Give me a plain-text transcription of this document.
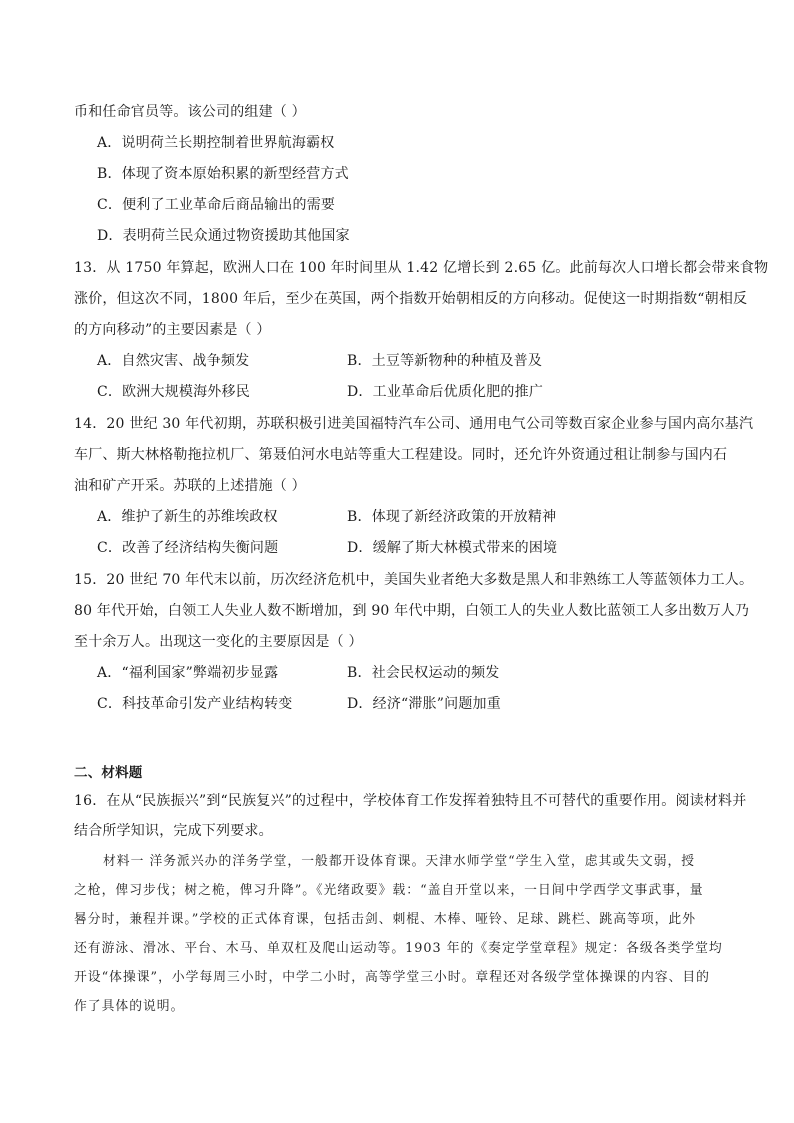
币和任命官员等。该公司的组建（ ）
A．说明荷兰长期控制着世界航海霸权
B．体现了资本原始积累的新型经营方式
C．便利了工业革命后商品输出的需要
D．表明荷兰民众通过物资援助其他国家
13．从 1750 年算起，欧洲人口在 100 年时间里从 1.42 亿增长到 2.65 亿。此前每次人口增长都会带来食物
涨价，但这次不同，1800 年后，至少在英国，两个指数开始朝相反的方向移动。促使这一时期指数“朝相反
的方向移动”的主要因素是（ ）
A．自然灾害、战争频发	B．土豆等新物种的种植及普及
C．欧洲大规模海外移民	D．工业革命后优质化肥的推广
14．20 世纪 30 年代初期，苏联积极引进美国福特汽车公司、通用电气公司等数百家企业参与国内高尔基汽
车厂、斯大林格勒拖拉机厂、第聂伯河水电站等重大工程建设。同时，还允许外资通过租让制参与国内石
油和矿产开采。苏联的上述措施（ ）
A．维护了新生的苏维埃政权	B．体现了新经济政策的开放精神
C．改善了经济结构失衡问题	D．缓解了斯大林模式带来的困境
15．20 世纪 70 年代末以前，历次经济危机中，美国失业者绝大多数是黑人和非熟练工人等蓝领体力工人。
80 年代开始，白领工人失业人数不断增加，到 90 年代中期，白领工人的失业人数比蓝领工人多出数万人乃
至十余万人。出现这一变化的主要原因是（ ）
A．“福利国家”弊端初步显露	B．社会民权运动的频发
C．科技革命引发产业结构转变	D．经济“滞胀”问题加重
二、材料题
16．在从“民族振兴”到“民族复兴”的过程中，学校体育工作发挥着独特且不可替代的重要作用。阅读材料并
结合所学知识，完成下列要求。
材料一 洋务派兴办的洋务学堂，一般都开设体育课。天津水师学堂“学生入堂，虑其或失文弱，授
之枪，俾习步伐；树之桅，俾习升降”。《光绪政要》载：“盖自开堂以来，一日间中学西学文事武事，量
晷分时，兼程并课。”学校的正式体育课，包括击剑、刺棍、木棒、哑铃、足球、跳栏、跳高等项，此外
还有游泳、滑冰、平台、木马、单双杠及爬山运动等。1903 年的《奏定学堂章程》规定：各级各类学堂均
开设“体操课”，小学每周三小时，中学二小时，高等学堂三小时。章程还对各级学堂体操课的内容、目的
作了具体的说明。
